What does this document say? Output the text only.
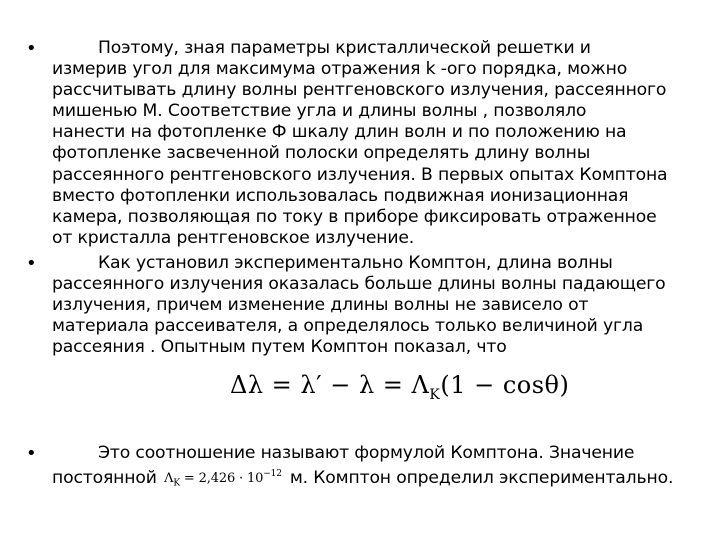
•	Поэтому, зная параметры кристаллической решетки и
измерив угол для максимума отражения k -ого порядка, можно
рассчитывать длину волны рентгеновского излучения, рассеянного
мишенью М. Соответствие угла и длины волны , позволяло
нанести на фотопленке Ф шкалу длин волн и по положению на
фотопленке засвеченной полоски определять длину волны
рассеянного рентгеновского излучения. В первых опытах Комптона
вместо фотопленки использовалась подвижная ионизационная
камера, позволяющая по току в приборе фиксировать отраженное
от кристалла рентгеновское излучение.
•	Как установил экспериментально Комптон, длина волны
рассеянного излучения оказалась больше длины волны падающего
излучения, причем изменение длины волны не зависело от
материала рассеивателя, а определялось только величиной угла
рассеяния . Опытным путем Комптон показал, что
$\Delta\lambda = \lambda' - \lambda = \Lambda_K(1 - \cos\theta)$
•	Это соотношение называют формулой Комптона. Значение
постоянной $\Lambda_K = 2,426 \cdot 10^{-12}$ м. Комптон определил экспериментально.
